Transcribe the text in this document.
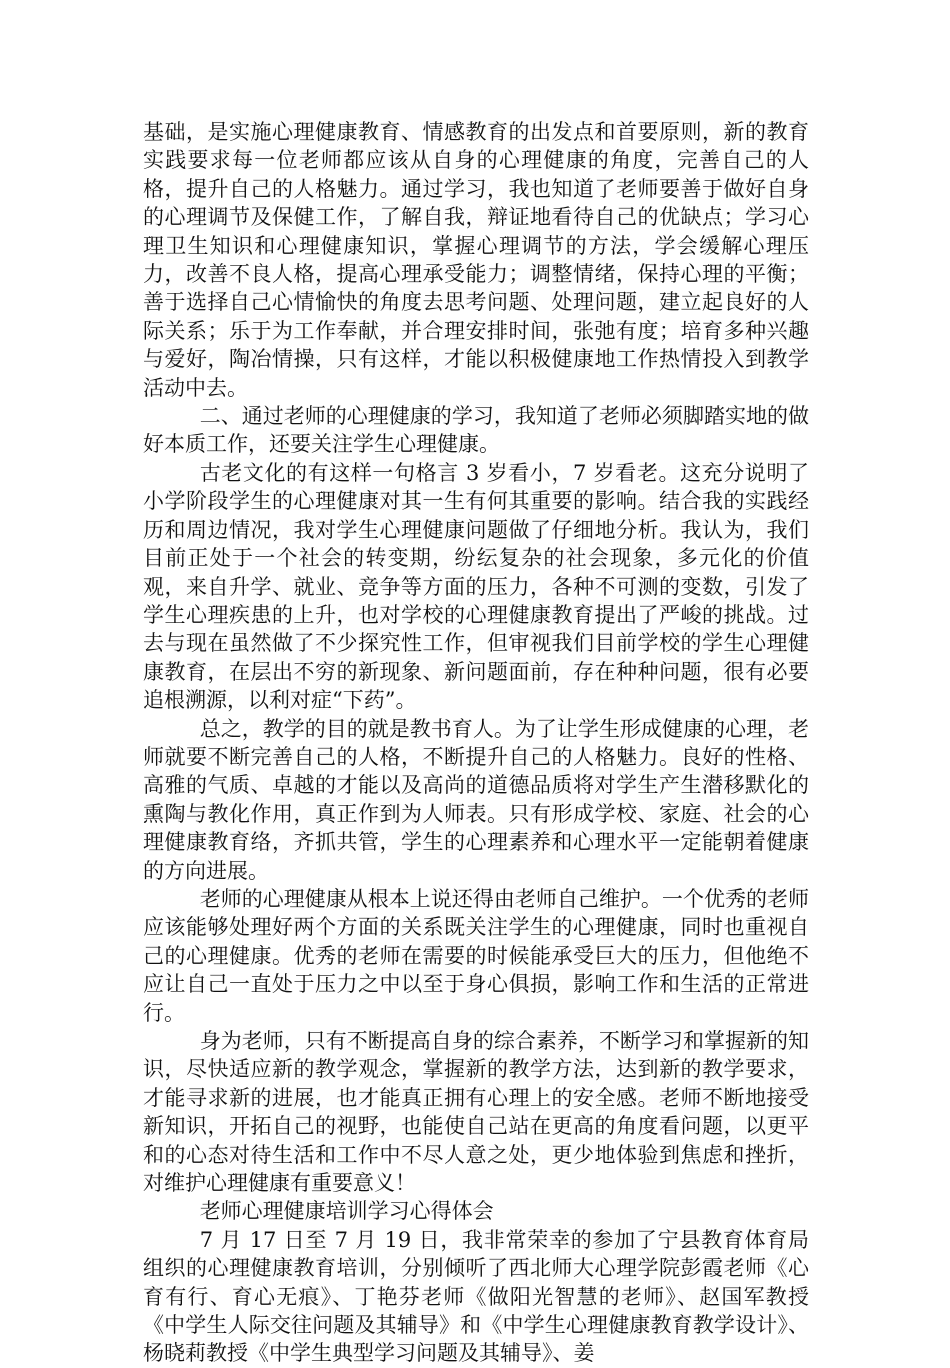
基础，是实施心理健康教育、情感教育的出发点和首要原则，新的教育实践要求每一位老师都应该从自身的心理健康的角度，完善自己的人格，提升自己的人格魅力。通过学习，我也知道了老师要善于做好自身的心理调节及保健工作，了解自我，辩证地看待自己的优缺点；学习心理卫生知识和心理健康知识，掌握心理调节的方法，学会缓解心理压力，改善不良人格，提高心理承受能力；调整情绪，保持心理的平衡；善于选择自己心情愉快的角度去思考问题、处理问题，建立起良好的人际关系；乐于为工作奉献，并合理安排时间，张弛有度；培育多种兴趣与爱好，陶冶情操，只有这样，才能以积极健康地工作热情投入到教学活动中去。

二、通过老师的心理健康的学习，我知道了老师必须脚踏实地的做好本质工作，还要关注学生心理健康。

古老文化的有这样一句格言 3 岁看小，7 岁看老。这充分说明了小学阶段学生的心理健康对其一生有何其重要的影响。结合我的实践经历和周边情况，我对学生心理健康问题做了仔细地分析。我认为，我们目前正处于一个社会的转变期，纷纭复杂的社会现象，多元化的价值观，来自升学、就业、竞争等方面的压力，各种不可测的变数，引发了学生心理疾患的上升，也对学校的心理健康教育提出了严峻的挑战。过去与现在虽然做了不少探究性工作，但审视我们目前学校的学生心理健康教育，在层出不穷的新现象、新问题面前，存在种种问题，很有必要追根溯源，以利对症“下药”。

总之，教学的目的就是教书育人。为了让学生形成健康的心理，老师就要不断完善自己的人格，不断提升自己的人格魅力。良好的性格、高雅的气质、卓越的才能以及高尚的道德品质将对学生产生潜移默化的熏陶与教化作用，真正作到为人师表。只有形成学校、家庭、社会的心理健康教育络，齐抓共管，学生的心理素养和心理水平一定能朝着健康的方向进展。

老师的心理健康从根本上说还得由老师自己维护。一个优秀的老师应该能够处理好两个方面的关系既关注学生的心理健康，同时也重视自己的心理健康。优秀的老师在需要的时候能承受巨大的压力，但他绝不应让自己一直处于压力之中以至于身心俱损，影响工作和生活的正常进行。

身为老师，只有不断提高自身的综合素养，不断学习和掌握新的知识，尽快适应新的教学观念，掌握新的教学方法，达到新的教学要求，才能寻求新的进展，也才能真正拥有心理上的安全感。老师不断地接受新知识，开拓自己的视野，也能使自己站在更高的角度看问题，以更平和的心态对待生活和工作中不尽人意之处，更少地体验到焦虑和挫折，对维护心理健康有重要意义！

老师心理健康培训学习心得体会

7 月 17 日至 7 月 19 日，我非常荣幸的参加了宁县教育体育局组织的心理健康教育培训，分别倾听了西北师大心理学院彭霞老师《心育有行、育心无痕》、丁艳芬老师《做阳光智慧的老师》、赵国军教授《中学生人际交往问题及其辅导》和《中学生心理健康教育教学设计》、杨晓莉教授《中学生典型学习问题及其辅导》、姜
